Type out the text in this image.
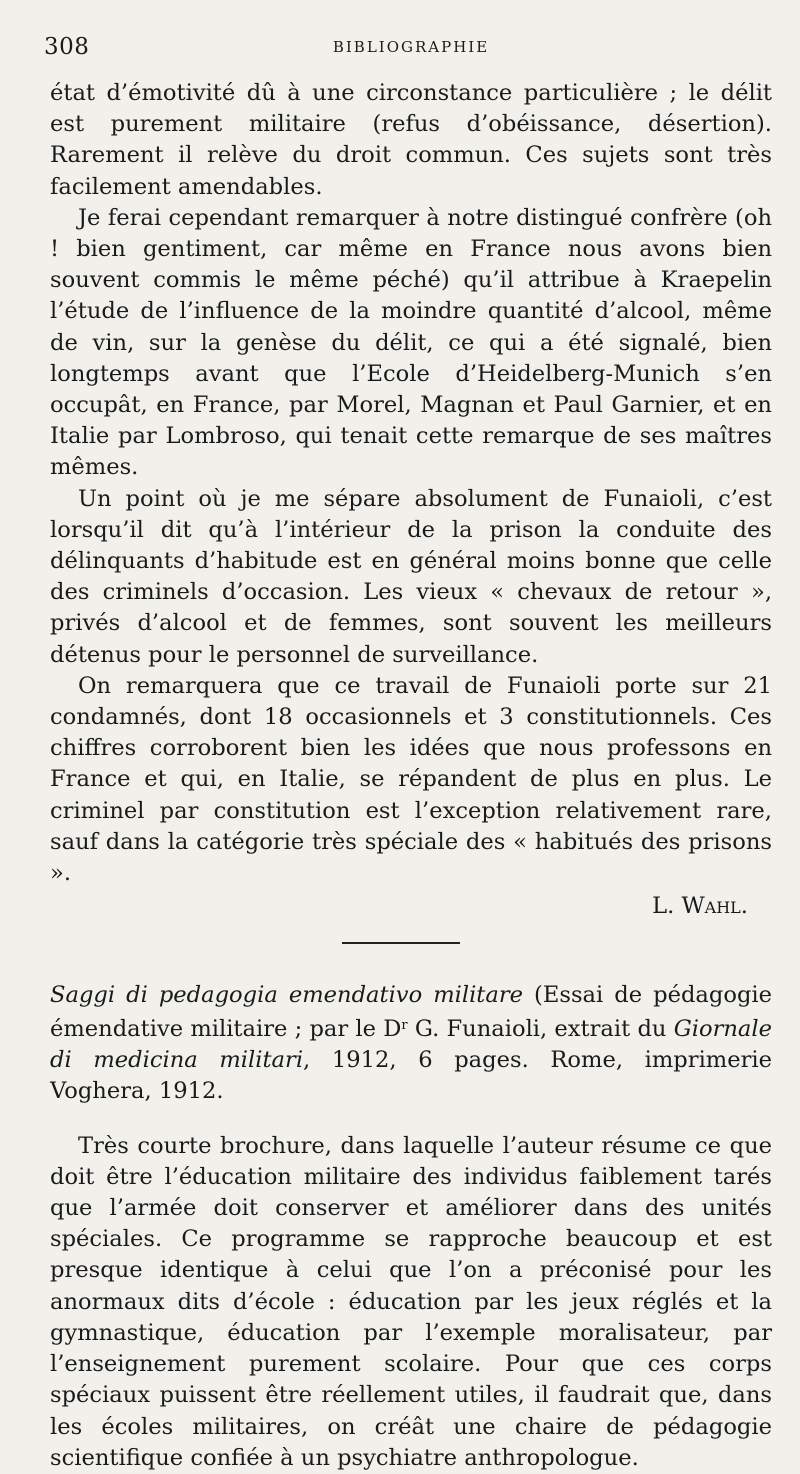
308	BIBLIOGRAPHIE

état d’émotivité dû à une circonstance particulière ; le délit est purement militaire (refus d’obéissance, désertion). Rarement il relève du droit commun. Ces sujets sont très facilement amendables.

Je ferai cependant remarquer à notre distingué confrère (oh ! bien gentiment, car même en France nous avons bien souvent commis le même péché) qu’il attribue à Kraepelin l’étude de l’influence de la moindre quantité d’alcool, même de vin, sur la genèse du délit, ce qui a été signalé, bien longtemps avant que l’Ecole d’Heidelberg-Munich s’en occupât, en France, par Morel, Magnan et Paul Garnier, et en Italie par Lombroso, qui tenait cette remarque de ses maîtres mêmes.

Un point où je me sépare absolument de Funaioli, c’est lorsqu’il dit qu’à l’intérieur de la prison la conduite des délinquants d’habitude est en général moins bonne que celle des criminels d’occasion. Les vieux « chevaux de retour », privés d’alcool et de femmes, sont souvent les meilleurs détenus pour le personnel de surveillance.

On remarquera que ce travail de Funaioli porte sur 21 condamnés, dont 18 occasionnels et 3 constitutionnels. Ces chiffres corroborent bien les idées que nous professons en France et qui, en Italie, se répandent de plus en plus. Le criminel par constitution est l’exception relativement rare, sauf dans la catégorie très spéciale des « habitués des prisons ».

L. Wahl.

Saggi di pedagogia emendativo militare (Essai de pédagogie émendative militaire ; par le $D^r$ G. Funaioli, extrait du Giornale di medicina militari, 1912, 6 pages. Rome, imprimerie Voghera, 1912.

Très courte brochure, dans laquelle l’auteur résume ce que doit être l’éducation militaire des individus faiblement tarés que l’armée doit conserver et améliorer dans des unités spéciales. Ce programme se rapproche beaucoup et est presque identique à celui que l’on a préconisé pour les anormaux dits d’école : éducation par les jeux réglés et la gymnastique, éducation par l’exemple moralisateur, par l’enseignement purement scolaire. Pour que ces corps spéciaux puissent être réellement utiles, il faudrait que, dans les écoles militaires, on créât une chaire de pédagogie scientifique confiée à un psychiatre anthropologue.
